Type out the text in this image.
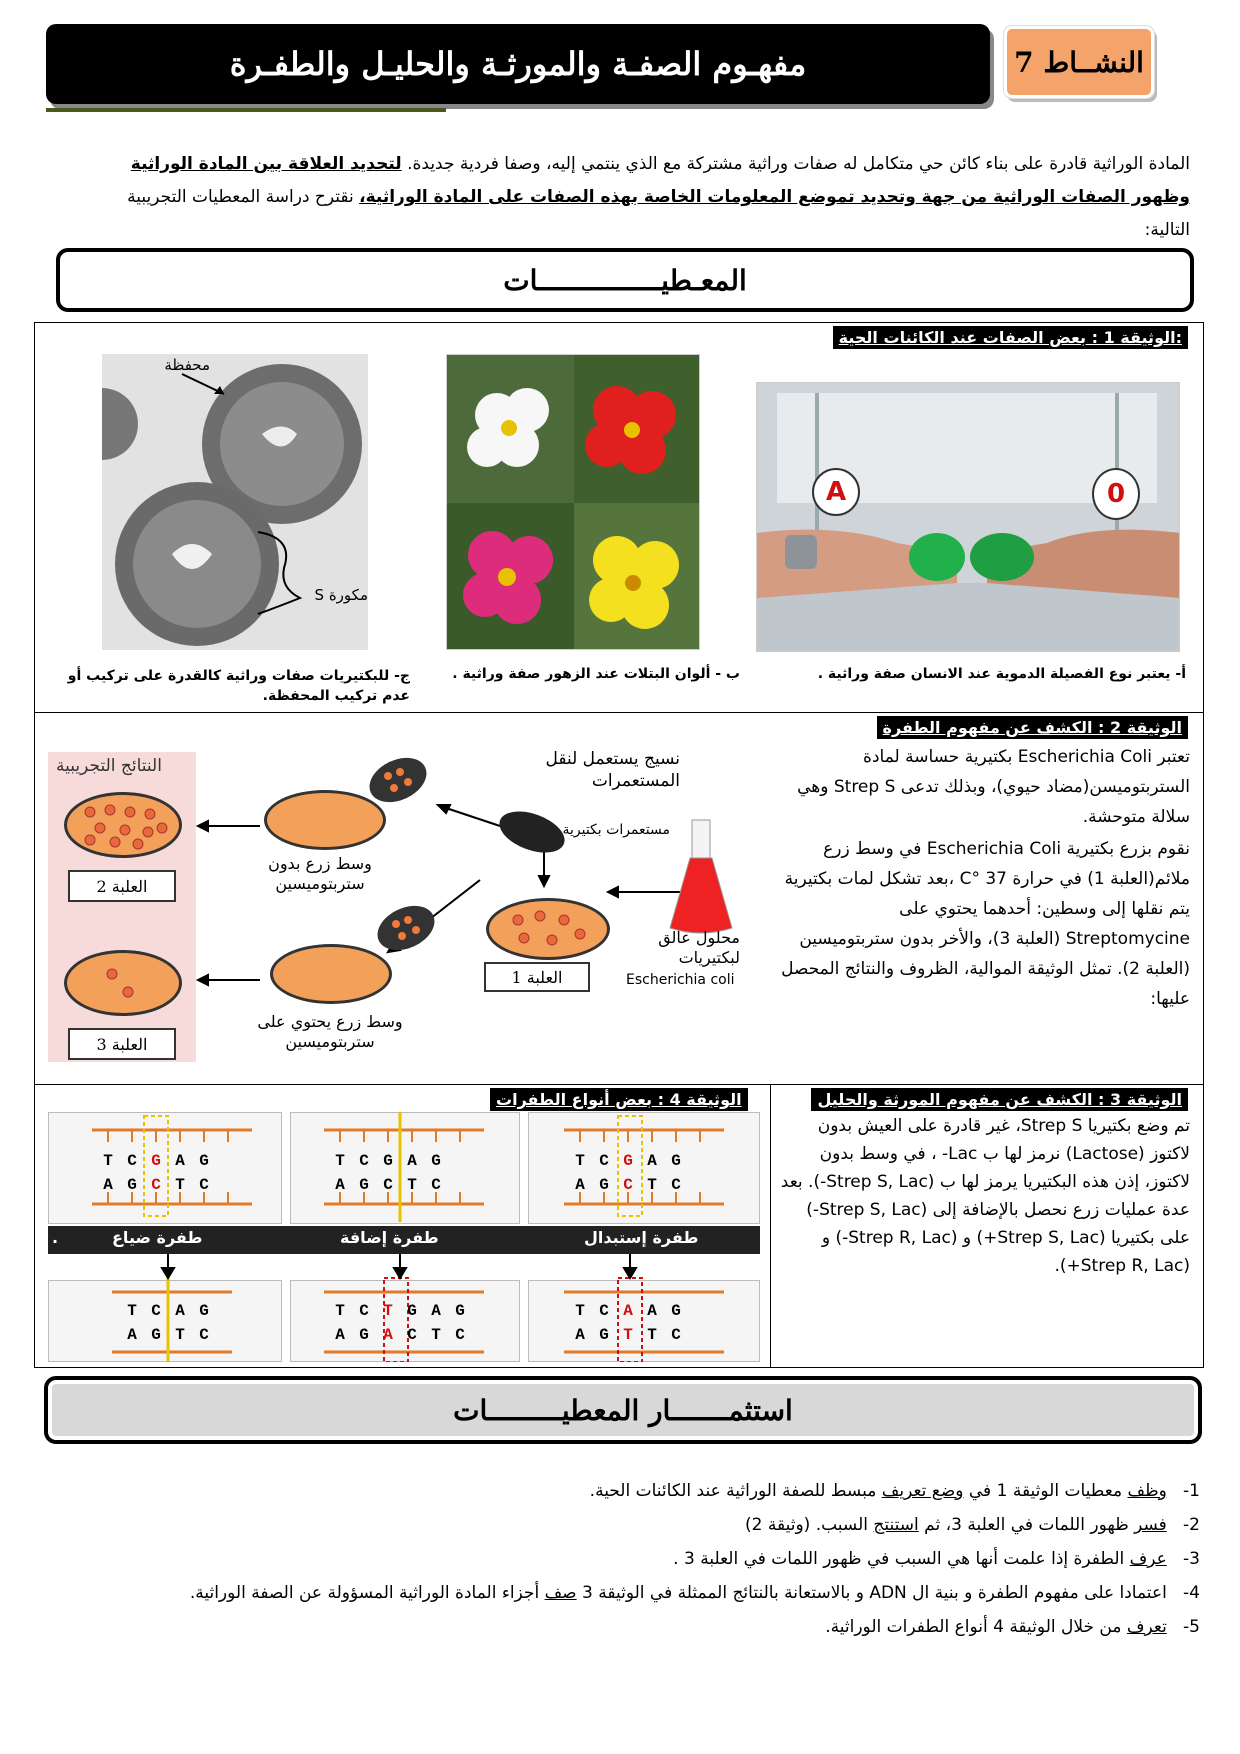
النشــاط 7
مفهـوم الصفـة والمورثـة والحليـل والطفـرة
المادة الوراثية قادرة على بناء كائن حي متكامل له صفات وراثية مشتركة مع الذي ينتمي إليه، وصفا فردية جديدة. لتحديد العلاقة بين المادة الوراثية وظهور الصفات الوراثية من جهة وتحديد تموضع المعلومات الخاصة بهذه الصفات على المادة الوراثية، نقترح دراسة المعطيات التجريبية التالية:
المعـطيـــــــــــــــات
الوثيقة 1 : بعض الصفات عند الكائنات الحية:
A	0
محفظة
مكورة S
أ- يعتبر نوع الفصيلة الدموية عند الانسان صفة وراثية .
ب - ألوان البتلات عند الزهور صفة وراثية .
ج- للبكتيريات صفات وراثية كالقدرة على تركيب أو عدم تركيب المحفظة.
الوثيقة 2 : الكشف عن مفهوم الطفرة
تعتبر Escherichia Coli بكتيرية حساسة لمادة الستربتوميسن(مضاد حيوي)، وبذلك تدعى Strep S وهي سلالة متوحشة.
نقوم بزرع بكتيرية Escherichia Coli في وسط زرع ملائم(العلبة 1) في حرارة 37 °C ،بعد تشكل لمات بكتيرية يتم نقلها إلى وسطين: أحدهما يحتوي على Streptomycine (العلبة 3)، والأخر بدون ستربتوميسين (العلبة 2). تمثل الوثيقة الموالية، الظروف والنتائج المحصل عليها:
النتائج التجريبية
العلبة 2
العلبة 3
العلبة 1
نسيج يستعمل لنقل المستعمرات
مستعمرات بكتيرية
محلول عالق لبكتيريات
Escherichia coli
وسط زرع بدون ستربتوميسين
وسط زرع يحتوي على ستربتوميسين
الوثيقة 3 : الكشف عن مفهوم المورثة والحليل
تم وضع بكتيريا Strep S، غير قادرة على العيش بدون لاكتوز (Lactose) نرمز لها ب Lac- ، في وسط بدون لاكتوز، إذن هذه البكتيريا يرمز لها ب (Strep S, Lac-). بعد عدة عمليات زرع نحصل بالإضافة إلى (Strep S, Lac-) على بكتيريا (Strep S, Lac+) و (Strep R, Lac-) و (Strep R, Lac+).
الوثيقة 4 : بعض أنواع الطفرات
T C G A G
A G C T C
T C G A G
A G C T C
T C G A G
A G C T C
طفرة ضياع	طفرة إضافة	طفرة إستبدال
.
T C A G
A G T C
T C T G A G
A G A C T C
T C A A G
A G T T C
استثمـــــــار المعطيـــــــــات
1-   وظف معطيات الوثيقة 1 في وضع تعريف مبسط للصفة الوراثية عند الكائنات الحية.
2-   فسر ظهور اللمات في العلبة 3، ثم استنتج السبب. (وثيقة 2)
3-   عرف الطفرة إذا علمت أنها هي السبب في ظهور اللمات في العلبة 3 .
4-   اعتمادا على مفهوم الطفرة و بنية ال ADN و بالاستعانة بالنتائج الممثلة في الوثيقة 3 صف أجزاء المادة الوراثية المسؤولة عن الصفة الوراثية.
5-   تعرف من خلال الوثيقة 4 أنواع الطفرات الوراثية.
